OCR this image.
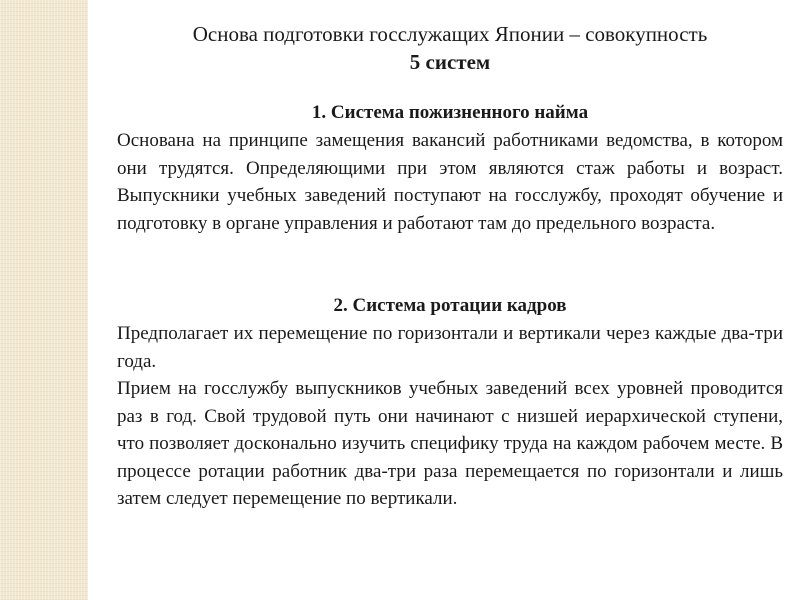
Основа подготовки госслужащих Японии – совокупность

5 систем

1. Система пожизненного найма

Основана на принципе замещения вакансий работниками ведомства, в котором они трудятся. Определяющими при этом являются стаж работы и возраст. Выпускники учебных заведений поступают на госслужбу, проходят обучение и подготовку в органе управления и работают там до предельного возраста.

2. Система ротации кадров

Предполагает их перемещение по горизонтали и вертикали через каждые два-три года.

Прием на госслужбу выпускников учебных заведений всех уровней проводится раз в год. Свой трудовой путь они начинают с низшей иерархической ступени, что позволяет досконально изучить специфику труда на каждом рабочем месте. В процессе ротации работник два-три раза перемещается по горизонтали и лишь затем следует перемещение по вертикали.
